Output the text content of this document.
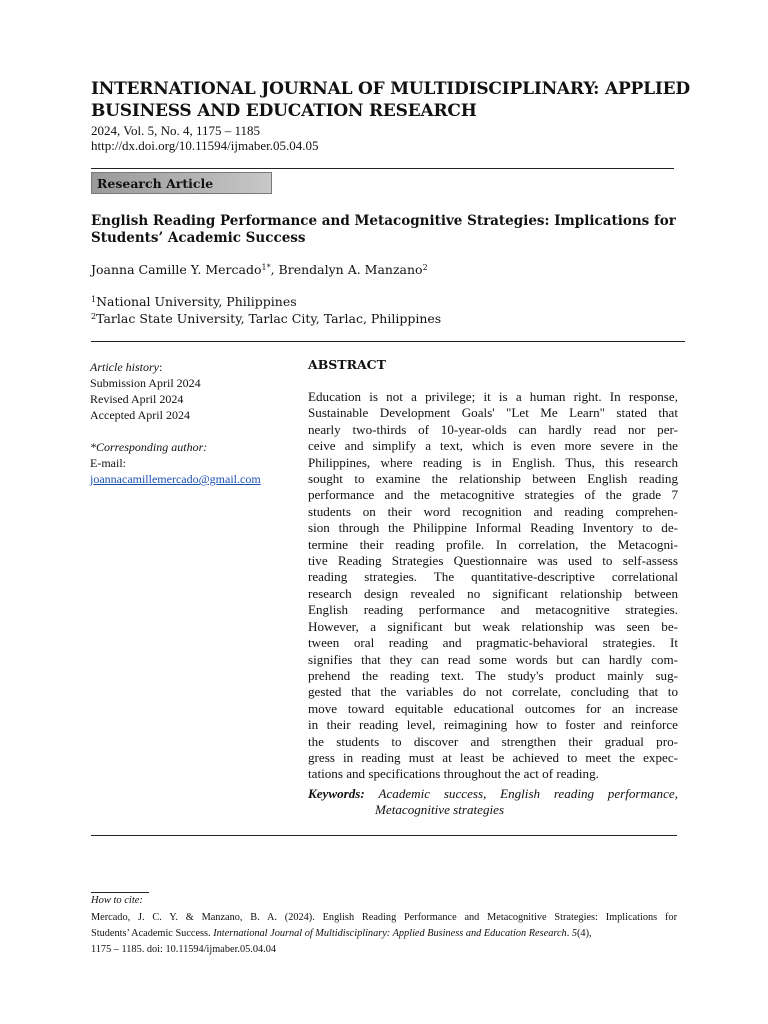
INTERNATIONAL JOURNAL OF MULTIDISCIPLINARY: APPLIED
BUSINESS AND EDUCATION RESEARCH
2024, Vol. 5, No. 4, 1175 – 1185
http://dx.doi.org/10.11594/ijmaber.05.04.05
Research Article
English Reading Performance and Metacognitive Strategies: Implications for
Students’ Academic Success
Joanna Camille Y. Mercado$^{1*}$, Brendalyn A. Manzano$^2$
$^1$National University, Philippines
$^2$Tarlac State University, Tarlac City, Tarlac, Philippines
Article history:
Submission April 2024
Revised April 2024
Accepted April 2024
*Corresponding author:
E-mail:
joannacamillemercado@gmail.com
ABSTRACT
Education is not a privilege; it is a human right. In response,
Sustainable Development Goals' "Let Me Learn" stated that
nearly two-thirds of 10-year-olds can hardly read nor per-
ceive and simplify a text, which is even more severe in the
Philippines, where reading is in English. Thus, this research
sought to examine the relationship between English reading
performance and the metacognitive strategies of the grade 7
students on their word recognition and reading comprehen-
sion through the Philippine Informal Reading Inventory to de-
termine their reading profile. In correlation, the Metacogni-
tive Reading Strategies Questionnaire was used to self-assess
reading strategies. The quantitative-descriptive correlational
research design revealed no significant relationship between
English reading performance and metacognitive strategies.
However, a significant but weak relationship was seen be-
tween oral reading and pragmatic-behavioral strategies. It
signifies that they can read some words but can hardly com-
prehend the reading text. The study's product mainly sug-
gested that the variables do not correlate, concluding that to
move toward equitable educational outcomes for an increase
in their reading level, reimagining how to foster and reinforce
the students to discover and strengthen their gradual pro-
gress in reading must at least be achieved to meet the expec-
tations and specifications throughout the act of reading.
Keywords: Academic success, English reading performance,
Metacognitive strategies
How to cite:
Mercado, J. C. Y. & Manzano, B. A. (2024). English Reading Performance and Metacognitive Strategies: Implications for
Students’ Academic Success. International Journal of Multidisciplinary: Applied Business and Education Research. 5(4),
1175 – 1185. doi: 10.11594/ijmaber.05.04.04
